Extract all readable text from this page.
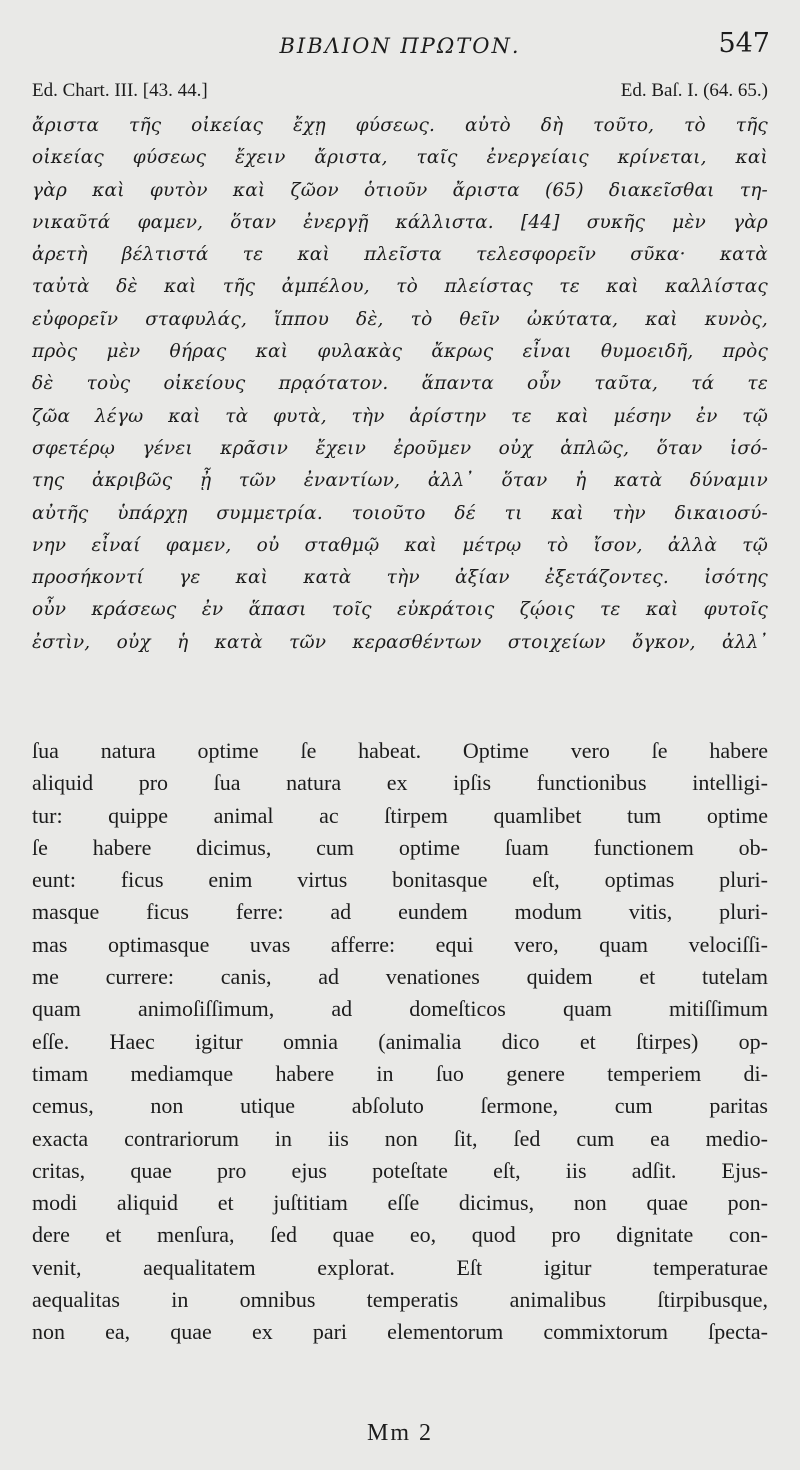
ΒΙΒΛΙΟΝ ΠΡΩΤΟΝ.	547
Ed. Chart. III. [43. 44.]	Ed. Baſ. I. (64. 65.)
ἄριστα τῆς οἰκείας ἔχῃ φύσεως. αὐτὸ δὴ τοῦτο, τὸ τῆς
οἰκείας φύσεως ἔχειν ἄριστα, ταῖς ἐνεργείαις κρίνεται, καὶ
γὰρ καὶ φυτὸν καὶ ζῶον ὁτιοῦν ἄριστα (65) διακεῖσθαι τη-
νικαῦτά φαμεν, ὅταν ἐνεργῇ κάλλιστα. [44] συκῆς μὲν γὰρ
ἀρετὴ βέλτιστά τε καὶ πλεῖστα τελεσφορεῖν σῦκα· κατὰ
ταὐτὰ δὲ καὶ τῆς ἀμπέλου, τὸ πλείστας τε καὶ καλλίστας
εὐφορεῖν σταφυλάς, ἵππου δὲ, τὸ θεῖν ὠκύτατα, καὶ κυνὸς,
πρὸς μὲν θήρας καὶ φυλακὰς ἄκρως εἶναι θυμοειδῆ, πρὸς
δὲ τοὺς οἰκείους πρᾳότατον. ἅπαντα οὖν ταῦτα, τά τε
ζῶα λέγω καὶ τὰ φυτὰ, τὴν ἀρίστην τε καὶ μέσην ἐν τῷ
σφετέρῳ γένει κρᾶσιν ἔχειν ἐροῦμεν οὐχ ἁπλῶς, ὅταν ἰσό-
της ἀκριβῶς ᾖ τῶν ἐναντίων, ἀλλ᾿ ὅταν ἡ κατὰ δύναμιν
αὐτῆς ὑπάρχῃ συμμετρία. τοιοῦτο δέ τι καὶ τὴν δικαιοσύ-
νην εἶναί φαμεν, οὐ σταθμῷ καὶ μέτρῳ τὸ ἴσον, ἀλλὰ τῷ
προσήκοντί γε καὶ κατὰ τὴν ἀξίαν ἐξετάζοντες. ἰσότης
οὖν κράσεως ἐν ἅπασι τοῖς εὐκράτοις ζῴοις τε καὶ φυτοῖς
ἐστὶν, οὐχ ἡ κατὰ τῶν κερασθέντων στοιχείων ὄγκον, ἀλλ᾿
ſua natura optime ſe habeat. Optime vero ſe habere
aliquid pro ſua natura ex ipſis functionibus intelligi-
tur: quippe animal ac ſtirpem quamlibet tum optime
ſe habere dicimus, cum optime ſuam functionem ob-
eunt: ficus enim virtus bonitasque eſt, optimas pluri-
masque ficus ferre: ad eundem modum vitis, pluri-
mas optimasque uvas afferre: equi vero, quam velociſſi-
me currere: canis, ad venationes quidem et tutelam
quam animoſiſſimum, ad domeſticos quam mitiſſimum
eſſe. Haec igitur omnia (animalia dico et ſtirpes) op-
timam mediamque habere in ſuo genere temperiem di-
cemus, non utique abſoluto ſermone, cum paritas
exacta contrariorum in iis non ſit, ſed cum ea medio-
critas, quae pro ejus poteſtate eſt, iis adſit. Ejus-
modi aliquid et juſtitiam eſſe dicimus, non quae pon-
dere et menſura, ſed quae eo, quod pro dignitate con-
venit, aequalitatem explorat. Eſt igitur temperaturae
aequalitas in omnibus temperatis animalibus ſtirpibusque,
non ea, quae ex pari elementorum commixtorum ſpecta-
Mm 2
